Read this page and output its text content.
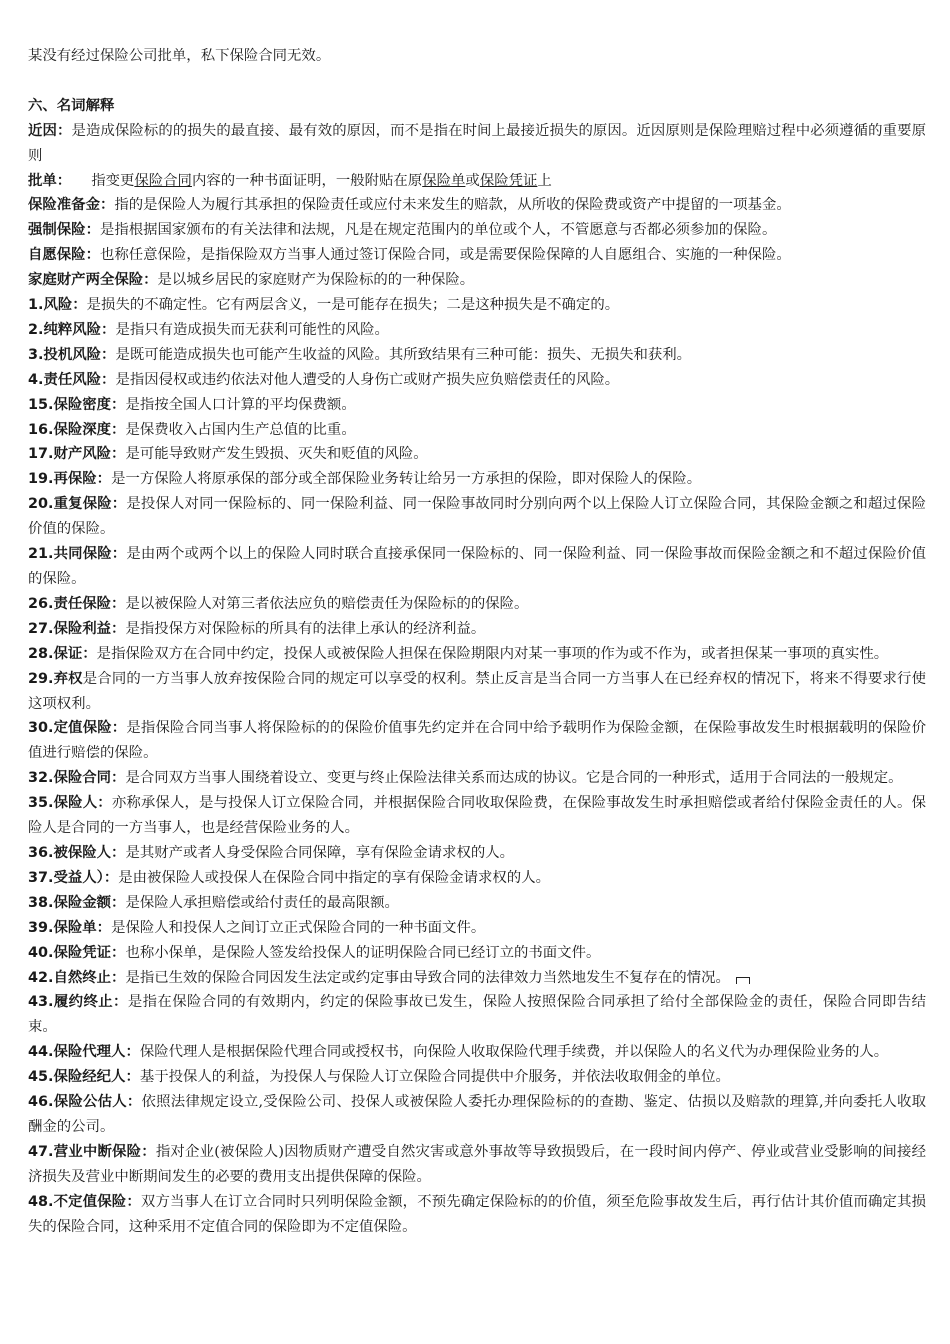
某没有经过保险公司批单，私下保险合同无效。
六、名词解释

近因：是造成保险标的的损失的最直接、最有效的原因，而不是指在时间上最接近损失的原因。近因原则是保险理赔过程中必须遵循的重要原则

批单： 指变更保险合同内容的一种书面证明，一般附贴在原保险单或保险凭证上

保险准备金：指的是保险人为履行其承担的保险责任或应付未来发生的赔款，从所收的保险费或资产中提留的一项基金。

强制保险：是指根据国家颁布的有关法律和法规，凡是在规定范围内的单位或个人，不管愿意与否都必须参加的保险。

自愿保险：也称任意保险，是指保险双方当事人通过签订保险合同，或是需要保险保障的人自愿组合、实施的一种保险。

家庭财产两全保险：是以城乡居民的家庭财产为保险标的的一种保险。

1.风险：是损失的不确定性。它有两层含义，一是可能存在损失；二是这种损失是不确定的。

2.纯粹风险：是指只有造成损失而无获利可能性的风险。

3.投机风险：是既可能造成损失也可能产生收益的风险。其所致结果有三种可能：损失、无损失和获利。

4.责任风险：是指因侵权或违约依法对他人遭受的人身伤亡或财产损失应负赔偿责任的风险。

15.保险密度：是指按全国人口计算的平均保费额。

16.保险深度：是保费收入占国内生产总值的比重。

17.财产风险：是可能导致财产发生毁损、灭失和贬值的风险。

19.再保险：是一方保险人将原承保的部分或全部保险业务转让给另一方承担的保险，即对保险人的保险。

20.重复保险：是投保人对同一保险标的、同一保险利益、同一保险事故同时分别向两个以上保险人订立保险合同，其保险金额之和超过保险价值的保险。

21.共同保险：是由两个或两个以上的保险人同时联合直接承保同一保险标的、同一保险利益、同一保险事故而保险金额之和不超过保险价值的保险。

26.责任保险：是以被保险人对第三者依法应负的赔偿责任为保险标的的保险。

27.保险利益：是指投保方对保险标的所具有的法律上承认的经济利益。

28.保证：是指保险双方在合同中约定，投保人或被保险人担保在保险期限内对某一事项的作为或不作为，或者担保某一事项的真实性。

29.弃权是合同的一方当事人放弃按保险合同的规定可以享受的权利。禁止反言是当合同一方当事人在已经弃权的情况下，将来不得要求行使这项权利。

30.定值保险：是指保险合同当事人将保险标的的保险价值事先约定并在合同中给予载明作为保险金额，在保险事故发生时根据载明的保险价值进行赔偿的保险。

32.保险合同：是合同双方当事人围绕着设立、变更与终止保险法律关系而达成的协议。它是合同的一种形式，适用于合同法的一般规定。

35.保险人：亦称承保人，是与投保人订立保险合同，并根据保险合同收取保险费，在保险事故发生时承担赔偿或者给付保险金责任的人。保险人是合同的一方当事人，也是经营保险业务的人。

36.被保险人：是其财产或者人身受保险合同保障，享有保险金请求权的人。

37.受益人）：是由被保险人或投保人在保险合同中指定的享有保险金请求权的人。

38.保险金额：是保险人承担赔偿或给付责任的最高限额。

39.保险单：是保险人和投保人之间订立正式保险合同的一种书面文件。

40.保险凭证：也称小保单，是保险人签发给投保人的证明保险合同已经订立的书面文件。

42.自然终止：是指已生效的保险合同因发生法定或约定事由导致合同的法律效力当然地发生不复存在的情况。

43.履约终止：是指在保险合同的有效期内，约定的保险事故已发生，保险人按照保险合同承担了给付全部保险金的责任，保险合同即告结束。

44.保险代理人：保险代理人是根据保险代理合同或授权书，向保险人收取保险代理手续费，并以保险人的名义代为办理保险业务的人。

45.保险经纪人：基于投保人的利益，为投保人与保险人订立保险合同提供中介服务，并依法收取佣金的单位。

46.保险公估人：依照法律规定设立,受保险公司、投保人或被保险人委托办理保险标的的查勘、鉴定、估损以及赔款的理算,并向委托人收取酬金的公司。

47.营业中断保险：指对企业(被保险人)因物质财产遭受自然灾害或意外事故等导致损毁后，在一段时间内停产、停业或营业受影响的间接经济损失及营业中断期间发生的必要的费用支出提供保障的保险。

48.不定值保险：双方当事人在订立合同时只列明保险金额，不预先确定保险标的的价值，须至危险事故发生后，再行估计其价值而确定其损失的保险合同，这种采用不定值合同的保险即为不定值保险。
